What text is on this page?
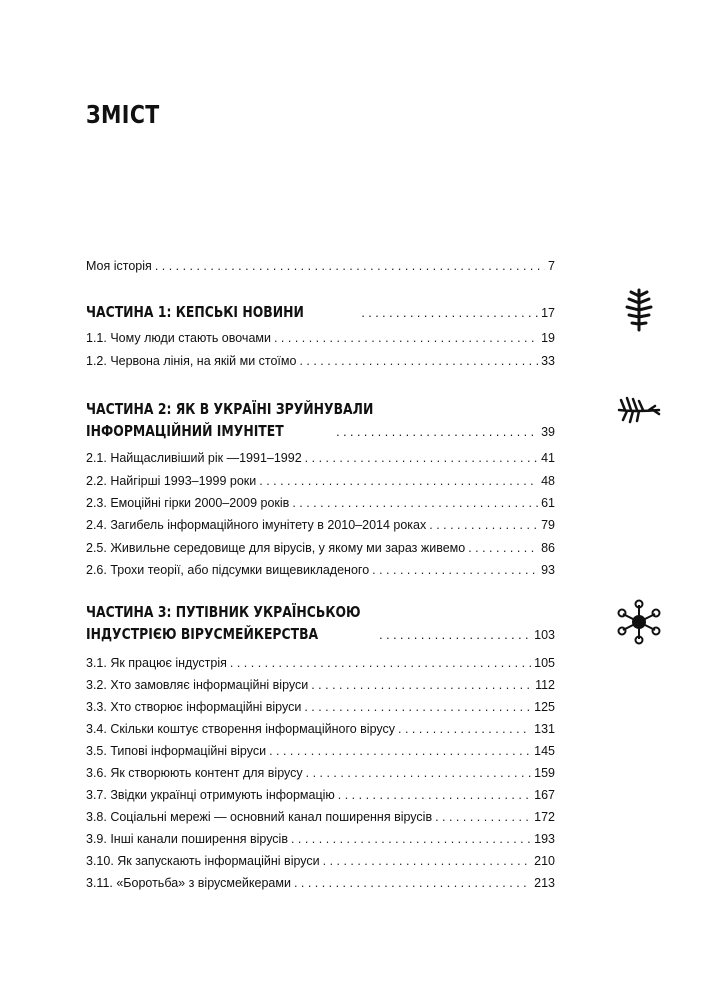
ЗМІСТ
Моя історія . . .	7
ЧАСТИНА 1: КЕПСЬКІ НОВИНИ . . .	17
1.1. Чому люди стають овочами . . .	19
1.2. Червона лінія, на якій ми стоїмо . . .	33
ЧАСТИНА 2: ЯК В УКРАЇНІ ЗРУЙНУВАЛИ
ІНФОРМАЦІЙНИЙ ІМУНІТЕТ . . .	39
2.1. Найщасливіший рік —1991–1992 . . .	41
2.2. Найгірші 1993–1999 роки . . .	48
2.3. Емоційні гірки 2000–2009 років . . .	61
2.4. Загибель інформаційного імунітету в 2010–2014 роках . . .	79
2.5. Живильне середовище для вірусів, у якому ми зараз живемо . . .	86
2.6. Трохи теорії, або підсумки вищевикладеного . . .	93
ЧАСТИНА 3: ПУТІВНИК УКРАЇНСЬКОЮ
ІНДУСТРІЄЮ ВІРУСМЕЙКЕРСТВА . . .	103
3.1. Як працює індустрія . . .	105
3.2. Хто замовляє інформаційні віруси . . .	112
3.3. Хто створює інформаційні віруси . . .	125
3.4. Скільки коштує створення інформаційного вірусу . . .	131
3.5. Типові інформаційні віруси . . .	145
3.6. Як створюють контент для вірусу . . .	159
3.7. Звідки українці отримують інформацію . . .	167
3.8. Соціальні мережі — основний канал поширення вірусів . . .	172
3.9. Інші канали поширення вірусів . . .	193
3.10. Як запускають інформаційні віруси . . .	210
3.11. «Боротьба» з вірусмейкерами . . .	213
